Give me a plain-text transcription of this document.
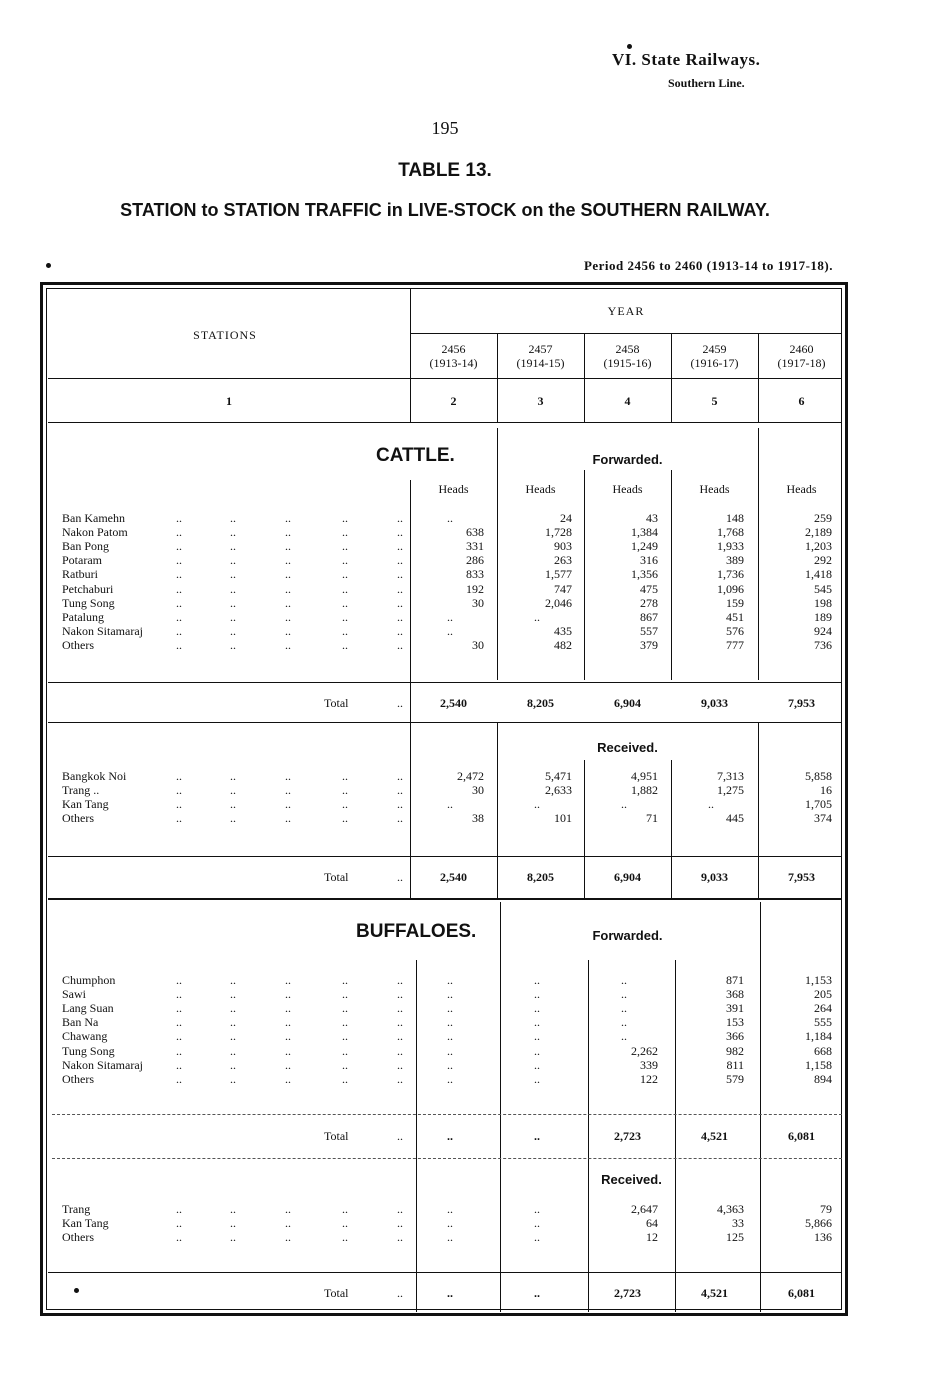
VI. State Railways.
Southern Line.
195
TABLE 13.
STATION to STATION TRAFFIC in LIVE-STOCK on the SOUTHERN RAILWAY.
Period 2456 to 2460 (1913-14 to 1917-18).
STATIONS
YEAR
2456
(1913-14)
2457
(1914-15)
2458
(1915-16)
2459
(1916-17)
2460
(1917-18)
1	2	3	4	5	6
CATTLE.	Forwarded.
Heads	Heads	Heads	Heads	Heads
Ban Kamehn	..	..	..	..	..	..	24	43	148	259
Nakon Patom	..	..	..	..	..	638	1,728	1,384	1,768	2,189
Ban Pong	..	..	..	..	..	331	903	1,249	1,933	1,203
Potaram	..	..	..	..	..	286	263	316	389	292
Ratburi	..	..	..	..	..	833	1,577	1,356	1,736	1,418
Petchaburi	..	..	..	..	..	192	747	475	1,096	545
Tung Song	..	..	..	..	..	30	2,046	278	159	198
Patalung	..	..	..	..	..	..	..	867	451	189
Nakon Sitamaraj	..	..	..	..	..	..	435	557	576	924
Others	..	..	..	..	..	30	482	379	777	736
Total	..	2,540	8,205	6,904	9,033	7,953
Received.
Bangkok Noi	..	..	..	..	..	2,472	5,471	4,951	7,313	5,858
Trang ..	..	..	..	..	..	30	2,633	1,882	1,275	16
Kan Tang	..	..	..	..	..	..	..	..	..	1,705
Others	..	..	..	..	..	38	101	71	445	374
Total	..	2,540	8,205	6,904	9,033	7,953
BUFFALOES.	Forwarded.
Chumphon	..	..	..	..	..	..	..	..	871	1,153
Sawi	..	..	..	..	..	..	..	..	368	205
Lang Suan	..	..	..	..	..	..	..	..	391	264
Ban Na	..	..	..	..	..	..	..	..	153	555
Chawang	..	..	..	..	..	..	..	..	366	1,184
Tung Song	..	..	..	..	..	..	..	2,262	982	668
Nakon Sitamaraj	..	..	..	..	..	..	..	339	811	1,158
Others	..	..	..	..	..	..	..	122	579	894
Total	..	..	..	2,723	4,521	6,081
Received.
Trang	..	..	..	..	..	..	..	2,647	4,363	79
Kan Tang	..	..	..	..	..	..	..	64	33	5,866
Others	..	..	..	..	..	..	..	12	125	136
Total	..	..	..	2,723	4,521	6,081
